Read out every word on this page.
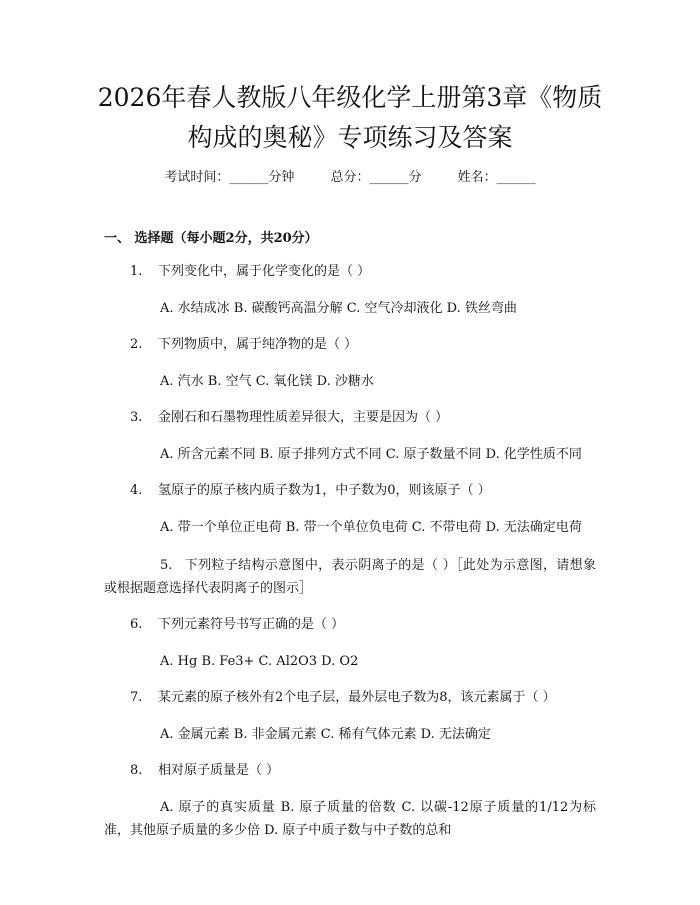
2026年春人教版八年级化学上册第3章《物质构成的奥秘》专项练习及答案
考试时间：______分钟	总分：______分	姓名：______
一、 选择题（每小题2分，共20分）

1.	下列变化中，属于化学变化的是（ ）

A. 水结成冰 B. 碳酸钙高温分解 C. 空气冷却液化 D. 铁丝弯曲

2.	下列物质中，属于纯净物的是（ ）

A. 汽水 B. 空气 C. 氧化镁 D. 沙糖水

3.	金刚石和石墨物理性质差异很大，主要是因为（ ）

A. 所含元素不同 B. 原子排列方式不同 C. 原子数量不同 D. 化学性质不同

4.	氢原子的原子核内质子数为1，中子数为0，则该原子（ ）

A. 带一个单位正电荷 B. 带一个单位负电荷 C. 不带电荷 D. 无法确定电荷

5. 下列粒子结构示意图中，表示阴离子的是（ ）［此处为示意图，请想象或根据题意选择代表阴离子的图示］

6.	下列元素符号书写正确的是（ ）

A. Hg B. Fe3+ C. Al2O3 D. O2

7.	某元素的原子核外有2个电子层，最外层电子数为8，该元素属于（ ）

A. 金属元素 B. 非金属元素 C. 稀有气体元素 D. 无法确定

8.	相对原子质量是（ ）

A. 原子的真实质量 B. 原子质量的倍数 C. 以碳-12原子质量的1/12为标准，其他原子质量的多少倍 D. 原子中质子数与中子数的总和
